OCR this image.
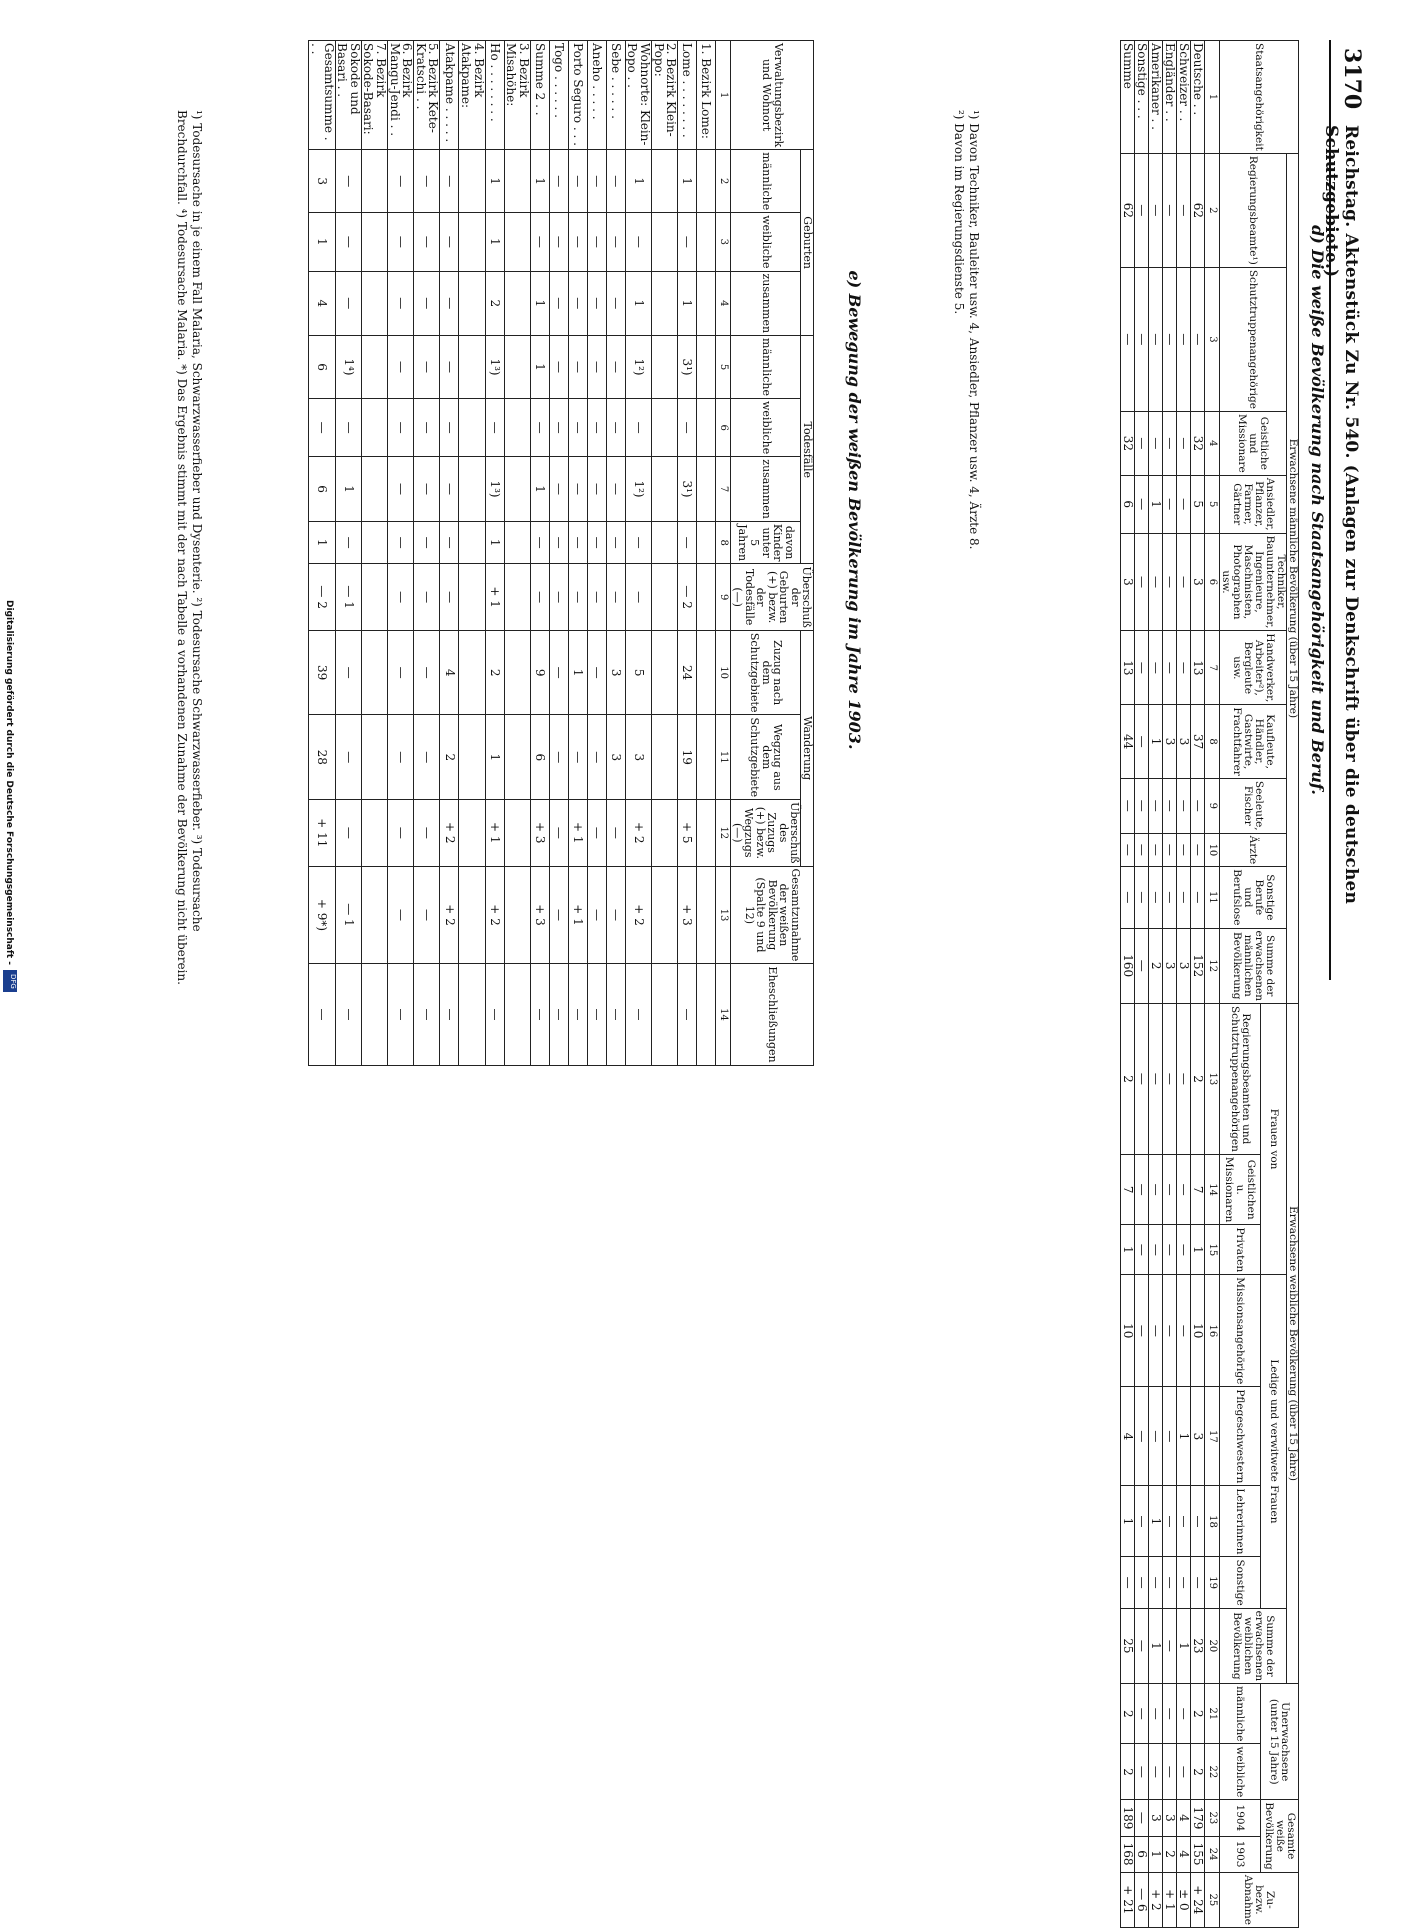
Digitalisierung gefördert durch die Deutsche Forschungsgemeinschaft -
DFG
3170
Reichstag. Aktenstück Zu Nr. 540. (Anlagen zur Denkschrift über die deutschen Schutzgebiete.)
d) Die weiße Bevölkerung nach Staatsangehörigkeit und Beruf.
Staatsangehörigkeit	Erwachsene männliche Bevölkerung (über 15 Jahre)											Erwachsene weibliche Bevölkerung (über 15 Jahre)								Unerwachsene (unter 15 Jahre)		Gesamte weiße Bevölkerung		Zu- bezw. Abnahme
	Regierungsbeamte¹)	Schutztruppenangehörige	Geistliche und Missionare	Ansiedler, Pflanzer, Farmer, Gärtner	Techniker, Bauunternehmer, Ingenieure, Maschinisten, Photographen usw.	Handwerker, Arbeiter²), Bergleute usw.	Kaufleute, Händler, Gastwirte, Frachtfahrer	Seeleute, Fischer	Ärzte	Sonstige Berufe und Berufslose	Summe der erwachsenen männlichen Bevölkerung	Frauen von			Ledige und verwitwete Frauen				Summe der erwachsenen weiblichen Bevölkerung					
												Regierungsbeamten und Schutztruppenangehörigen	Geistlichen u. Missionaren	Privaten	Missionsangehörige	Pflegeschwestern	Lehrerinnen	Sonstige		männliche	weibliche	1904	1903	
1	2	3	4	5	6	7	8	9	10	11	12	13	14	15	16	17	18	19	20	21	22	23	24	25
Deutsche . .	62	—	32	5	3	13	37	—	—	—	152	2	7	1	10	3	—	—	23	2	2	179	155	+ 24
Schweizer . .	—	—	—	—	—	—	3	—	—	—	3	—	—	—	—	1	—	—	1	—	—	4	4	± 0
Engländer . .	—	—	—	—	—	—	3	—	—	—	3	—	—	—	—	—	—	—	—	—	—	3	2	+ 1
Amerikaner . .	—	—	—	1	—	—	1	—	—	—	2	—	—	—	—	—	1	—	1	—	—	3	1	+ 2
Sonstige . . .	—	—	—	—	—	—	—	—	—	—	—	—	—	—	—	—	—	—	—	—	—	—	6	— 6
Summe	62	—	32	6	3	13	44	—	—	—	160	2	7	1	10	4	1	—	25	2	2	189	168	+ 21
¹) Davon Techniker, Bauleiter usw. 4, Ansiedler, Pflanzer usw. 4, Ärzte 8.
²) Davon im Regierungsdienste 5.
e) Bewegung der weißen Bevölkerung im Jahre 1903.
Verwaltungsbezirk und Wohnort	Geburten			Todesfälle				Überschuß der Geburten (+) bezw. der Todesfälle (—)	Wanderung			Gesamtzunahme der weißen Bevölkerung (Spalte 9 und 12)	Eheschließungen
	männliche	weibliche	zusammen	männliche	weibliche	zusammen	davon Kinder unter 5 Jahren		Zuzug nach dem Schutzgebiete	Wegzug aus dem Schutzgebiete	Überschuß des Zuzugs (+) bezw. Wegzugs (—)		
1	2	3	4	5	6	7	8	9	10	11	12	13	14
1. Bezirk Lome:													
Lome . . . . . . . .	1	—	1	3¹)	—	3¹)	—	— 2	24	19	+ 5	+ 3	—
2. Bezirk Klein-Popo:													
Wohnorte: Klein-Popo . .	1	—	1	1²)	—	1²)	—	—	5	3	+ 2	+ 2	—
Sebe . . . . . .	—	—	—	—	—	—	—	—	3	3	—	—	—
Aneho . . . . .	—	—	—	—	—	—	—	—	—	—	—	—	—
Porto Seguro . . .	—	—	—	—	—	—	—	—	1	—	+ 1	+ 1	—
Togo . . . . . .	—	—	—	—	—	—	—	—	—	—	—	—	—
Summe 2 . .	1	—	1	1	—	1	—	—	9	6	+ 3	+ 3	—
3. Bezirk Misahöhe:													
Ho . . . . . . . .	1	1	2	1³)	—	1³)	1	+ 1	2	1	+ 1	+ 2	—
4. Bezirk Atakpame:													
Atakpame . . . . .	—	—	—	—	—	—	—	—	4	2	+ 2	+ 2	—
5. Bezirk Kete-Kratschi . .	—	—	—	—	—	—	—	—	—	—	—	—	—
6. Bezirk Mangu-Jendi . .	—	—	—	—	—	—	—	—	—	—	—	—	—
7. Bezirk Sokode-Basari:													
Sokode und Basari . .	—	—	—	1⁴)	—	1	—	— 1	—	—	—	— 1	—
Gesamtsumme . . .	3	1	4	6	—	6	1	— 2	39	28	+ 11	+ 9*)	—
¹) Todesursache in je einem Fall Malaria, Schwarzwasserfieber und Dysenterie. ²) Todesursache Schwarzwasserfieber. ³) Todesursache Brechdurchfall. ⁴) Todesursache Malaria. *) Das Ergebnis stimmt mit der nach Tabelle a vorhandenen Zunahme der Bevölkerung nicht überein.
